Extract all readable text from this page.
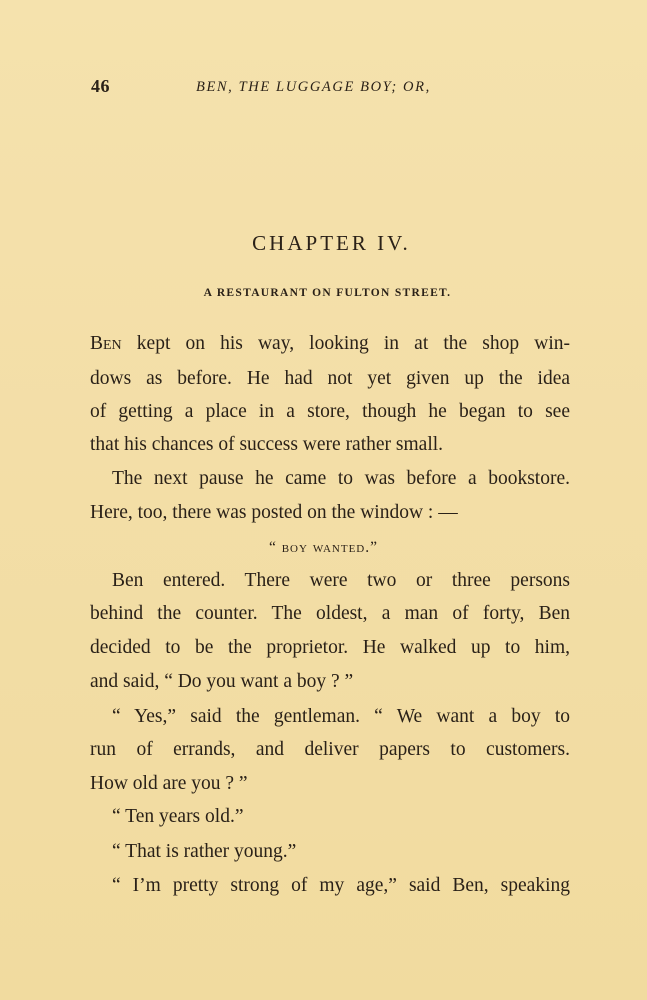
46	BEN, THE LUGGAGE BOY; OR,
CHAPTER IV.
A RESTAURANT ON FULTON STREET.
Ben kept on his way, looking in at the shop win-
dows as before. He had not yet given up the idea
of getting a place in a store, though he began to see
that his chances of success were rather small.
The next pause he came to was before a bookstore.
Here, too, there was posted on the window : —
“ boy wanted.”
Ben entered. There were two or three persons
behind the counter. The oldest, a man of forty, Ben
decided to be the proprietor. He walked up to him,
and said, “ Do you want a boy ? ”
“ Yes,” said the gentleman. “ We want a boy to
run of errands, and deliver papers to customers.
How old are you ? ”
“ Ten years old.”
“ That is rather young.”
“ I’m pretty strong of my age,” said Ben, speaking
